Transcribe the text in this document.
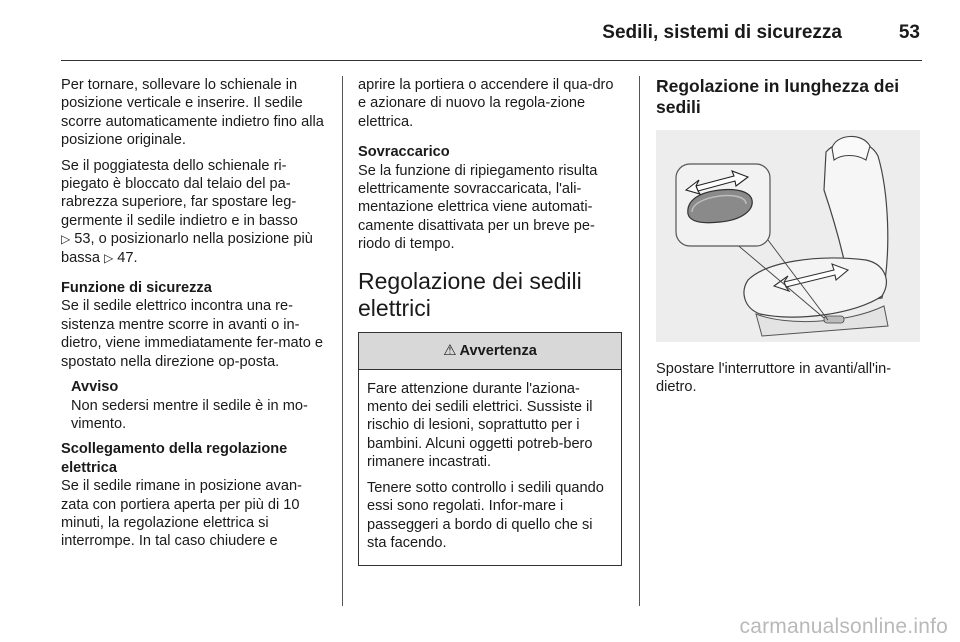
Sedili, sistemi di sicurezza	53

Per tornare, sollevare lo schienale in posizione verticale e inserire. Il sedile scorre automaticamente indietro fino alla posizione originale.

Se il poggiatesta dello schienale ri-piegato è bloccato dal telaio del pa-rabrezza superiore, far spostare leg-germente il sedile indietro e in basso ▷ 53, o posizionarlo nella posizione più bassa ▷ 47.

Funzione di sicurezza
Se il sedile elettrico incontra una re-sistenza mentre scorre in avanti o in-dietro, viene immediatamente fer-mato e spostato nella direzione op-posta.

Avviso
Non sedersi mentre il sedile è in mo-vimento.

Scollegamento della regolazione elettrica
Se il sedile rimane in posizione avan-zata con portiera aperta per più di 10 minuti, la regolazione elettrica si interrompe. In tal caso chiudere e

aprire la portiera o accendere il qua-dro e azionare di nuovo la regola-zione elettrica.

Sovraccarico
Se la funzione di ripiegamento risulta elettricamente sovraccaricata, l'ali-mentazione elettrica viene automati-camente disattivata per un breve pe-riodo di tempo.

Regolazione dei sedili elettrici
⚠ Avvertenza

Fare attenzione durante l'aziona-mento dei sedili elettrici. Sussiste il rischio di lesioni, soprattutto per i bambini. Alcuni oggetti potreb-bero rimanere incastrati.

Tenere sotto controllo i sedili quando essi sono regolati. Infor-mare i passeggeri a bordo di quello che si sta facendo.

Regolazione in lunghezza dei sedili

Spostare l'interruttore in avanti/all'in-dietro.

carmanualsonline.info
